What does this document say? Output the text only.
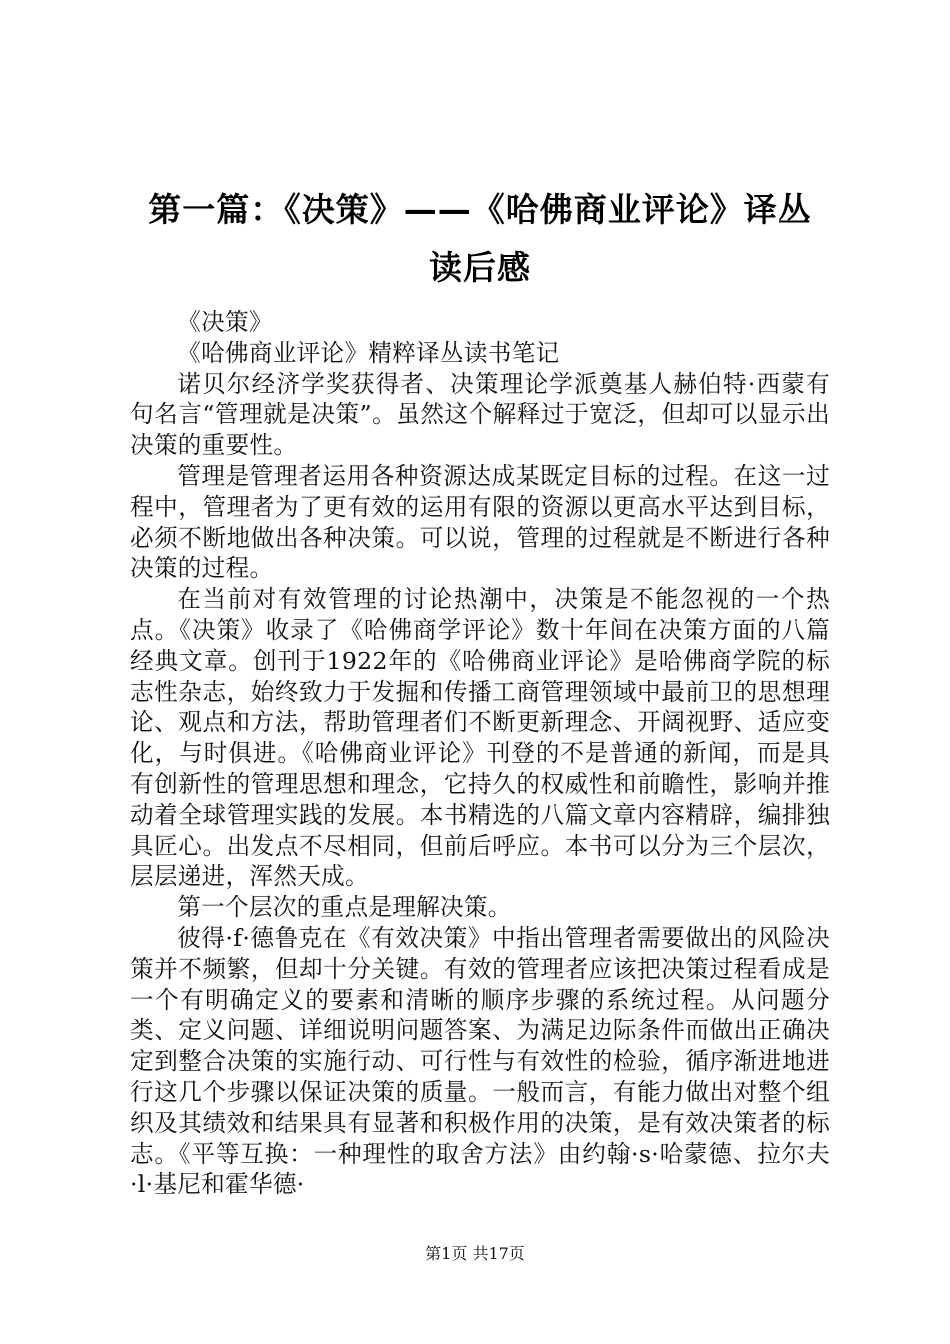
第一篇：《决策》——《哈佛商业评论》译丛
读后感

《决策》

《哈佛商业评论》精粹译丛读书笔记

诺贝尔经济学奖获得者、决策理论学派奠基人赫伯特·西蒙有句名言“管理就是决策”。虽然这个解释过于宽泛，但却可以显示出决策的重要性。

管理是管理者运用各种资源达成某既定目标的过程。在这一过程中，管理者为了更有效的运用有限的资源以更高水平达到目标，必须不断地做出各种决策。可以说，管理的过程就是不断进行各种决策的过程。

在当前对有效管理的讨论热潮中，决策是不能忽视的一个热点。《决策》收录了《哈佛商学评论》数十年间在决策方面的八篇经典文章。创刊于1922年的《哈佛商业评论》是哈佛商学院的标志性杂志，始终致力于发掘和传播工商管理领域中最前卫的思想理论、观点和方法，帮助管理者们不断更新理念、开阔视野、适应变化，与时俱进。《哈佛商业评论》刊登的不是普通的新闻，而是具有创新性的管理思想和理念，它持久的权威性和前瞻性，影响并推动着全球管理实践的发展。本书精选的八篇文章内容精辟，编排独具匠心。出发点不尽相同，但前后呼应。本书可以分为三个层次，层层递进，浑然天成。

第一个层次的重点是理解决策。

彼得·f·德鲁克在《有效决策》中指出管理者需要做出的风险决策并不频繁，但却十分关键。有效的管理者应该把决策过程看成是一个有明确定义的要素和清晰的顺序步骤的系统过程。从问题分类、定义问题、详细说明问题答案、为满足边际条件而做出正确决定到整合决策的实施行动、可行性与有效性的检验，循序渐进地进行这几个步骤以保证决策的质量。一般而言，有能力做出对整个组织及其绩效和结果具有显著和积极作用的决策，是有效决策者的标志。《平等互换：一种理性的取舍方法》由约翰·s·哈蒙德、拉尔夫·l·基尼和霍华德·

第1页 共17页
